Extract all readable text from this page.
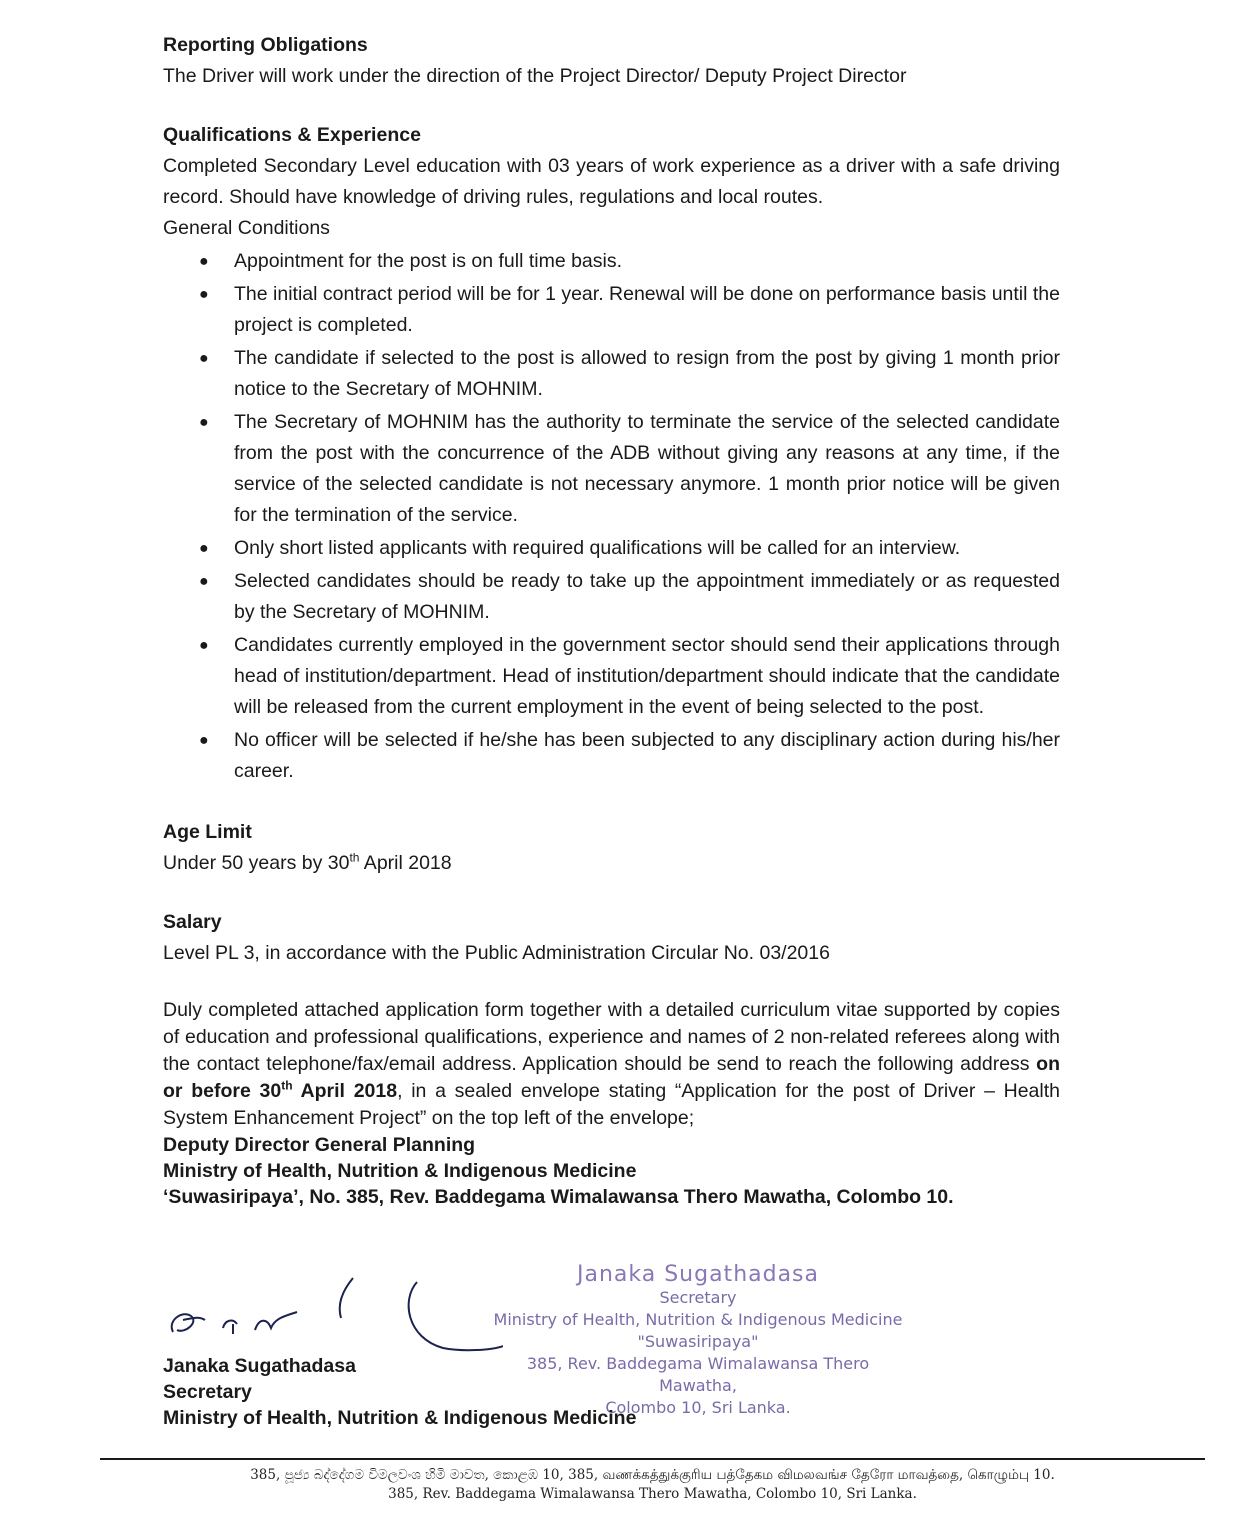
Reporting Obligations

The Driver will work under the direction of the Project Director/ Deputy Project Director

Qualifications & Experience

Completed Secondary Level education with 03 years of work experience as a driver with a safe driving record. Should have knowledge of driving rules, regulations and local routes.

General Conditions

● Appointment for the post is on full time basis.
● The initial contract period will be for 1 year. Renewal will be done on performance basis until the project is completed.
● The candidate if selected to the post is allowed to resign from the post by giving 1 month prior notice to the Secretary of MOHNIM.
● The Secretary of MOHNIM has the authority to terminate the service of the selected candidate from the post with the concurrence of the ADB without giving any reasons at any time, if the service of the selected candidate is not necessary anymore. 1 month prior notice will be given for the termination of the service.
● Only short listed applicants with required qualifications will be called for an interview.
● Selected candidates should be ready to take up the appointment immediately or as requested by the Secretary of MOHNIM.
● Candidates currently employed in the government sector should send their applications through head of institution/department. Head of institution/department should indicate that the candidate will be released from the current employment in the event of being selected to the post.
● No officer will be selected if he/she has been subjected to any disciplinary action during his/her career.

Age Limit

Under 50 years by 30th April 2018

Salary

Level PL 3, in accordance with the Public Administration Circular No. 03/2016

Duly completed attached application form together with a detailed curriculum vitae supported by copies of education and professional qualifications, experience and names of 2 non-related referees along with the contact telephone/fax/email address. Application should be send to reach the following address on or before 30th April 2018, in a sealed envelope stating “Application for the post of Driver – Health System Enhancement Project” on the top left of the envelope;

Deputy Director General Planning

Ministry of Health, Nutrition & Indigenous Medicine

‘Suwasiripaya’, No. 385, Rev. Baddegama Wimalawansa Thero Mawatha, Colombo 10.

Janaka Sugathadasa
Secretary
Ministry of Health, Nutrition & Indigenous Medicine
"Suwasiripaya"
385, Rev. Baddegama Wimalawansa Thero Mawatha,
Colombo 10, Sri Lanka.
Janaka Sugathadasa
Secretary
Ministry of Health, Nutrition & Indigenous Medicine
385, පූජ්‍ය බද්දේගම විමලවංශ හිමි මාවත, කොළඹ 10, 385, வணக்கத்துக்குரிய பத்தேகம விமலவங்ச தேரோ மாவத்தை, கொழும்பு 10.
385, Rev. Baddegama Wimalawansa Thero Mawatha, Colombo 10, Sri Lanka.
